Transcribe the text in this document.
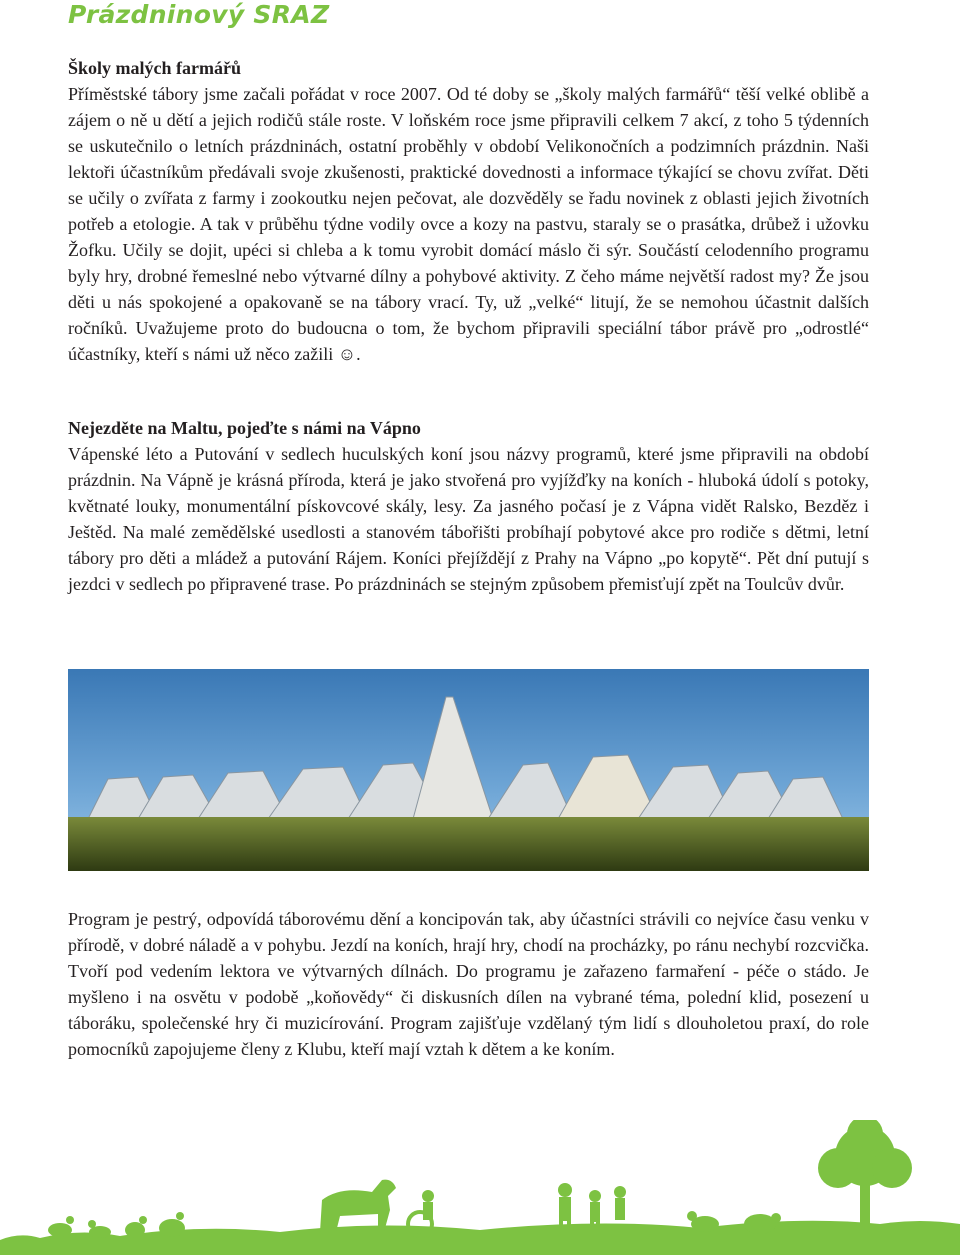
Prázdninový SRAZ

Školy malých farmářů

Příměstské tábory jsme začali pořádat v roce 2007. Od té doby se „školy malých farmářů“ těší velké oblibě a zájem o ně u dětí a jejich rodičů stále roste. V loňském roce jsme připravili celkem 7 akcí, z toho 5 týdenních se uskutečnilo o letních prázdninách, ostatní proběhly v období Velikonočních a podzimních prázdnin. Naši lektoři účastníkům předávali svoje zkušenosti, praktické dovednosti a informace týkající se chovu zvířat. Děti se učily o zvířata z farmy i zookoutku nejen pečovat, ale dozvěděly se řadu novinek z oblasti jejich životních potřeb a etologie. A tak v průběhu týdne vodily ovce a kozy na pastvu, staraly se o prasátka, drůbež i užovku Žofku. Učily se dojit, upéci si chleba a k tomu vyrobit domácí máslo či sýr. Součástí celodenního programu byly hry, drobné řemeslné nebo výtvarné dílny a pohybové aktivity. Z čeho máme největší radost my? Že jsou děti u nás spokojené a opakovaně se na tábory vrací. Ty, už „velké“ litují, že se nemohou účastnit dalších ročníků. Uvažujeme proto do budoucna o tom, že bychom připravili speciální tábor právě pro „odrostlé“ účastníky, kteří s námi už něco zažili ☺.

Nejezděte na Maltu, pojeďte s námi na Vápno

Vápenské léto a Putování v sedlech huculských koní jsou názvy programů, které jsme připravili na období prázdnin. Na Vápně je krásná příroda, která je jako stvořená pro vyjížďky na koních - hluboká údolí s potoky, květnaté louky, monumentální pískovcové skály, lesy. Za jasného počasí je z Vápna vidět Ralsko, Bezděz i Ještěd. Na malé zemědělské usedlosti a stanovém tábořišti probíhají pobytové akce pro rodiče s dětmi, letní tábory pro děti a mládež a putování Rájem. Koníci přejíždějí z Prahy na Vápno „po kopytě“. Pět dní putují s jezdci v sedlech po připravené trase. Po prázdninách se stejným způsobem přemisťují zpět na Toulcův dvůr.

Program je pestrý, odpovídá táborovému dění a koncipován tak, aby účastníci strávili co nejvíce času venku v přírodě, v dobré náladě a v pohybu. Jezdí na koních, hrají hry, chodí na procházky, po ránu nechybí rozcvička. Tvoří pod vedením lektora ve výtvarných dílnách. Do programu je zařazeno farmaření - péče o stádo. Je myšleno i na osvětu v podobě „koňovědy“ či diskusních dílen na vybrané téma, polední klid, posezení u táboráku, společenské hry či muzicírování. Program zajišťuje vzdělaný tým lidí s dlouholetou praxí, do role pomocníků zapojujeme členy z Klubu, kteří mají vztah k dětem a ke koním.
